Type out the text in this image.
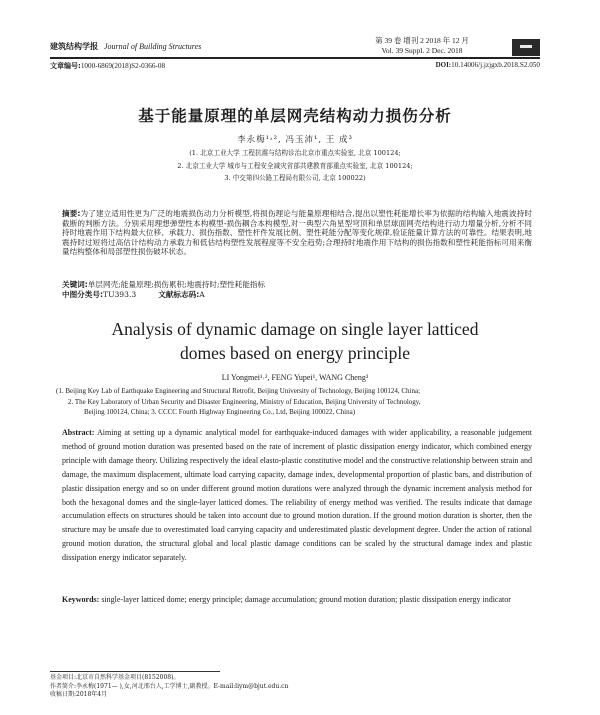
建筑结构学报 Journal of Building Structures
第 39 卷 增刊 2 2018 年 12 月
Vol. 39 Suppl. 2 Dec. 2018
文章编号:1000-6869(2018)S2-0366-08	DOI:10.14006/j.jzjgxb.2018.S2.050
基于能量原理的单层网壳结构动力损伤分析
李永梅¹˒², 冯玉沛¹, 王 成³
(1. 北京工业大学 工程抗震与结构诊治北京市重点实验室, 北京 100124;
2. 北京工业大学 城市与工程安全减灾省部共建教育部重点实验室, 北京 100124;
3. 中交第四公路工程局有限公司, 北京 100022)
摘要:为了建立适用性更为广泛的地震损伤动力分析模型,将损伤理论与能量原理相结合,提出以塑性耗能增长率为依据的结构输入地震波持时截断的判断方法。分别采用理想弹塑性本构模型-损伤耦合本构模型,对一典型六角星型穹顶和单层球面网壳结构进行动力增量分析,分析不同持时地震作用下结构最大位移、承载力、损伤指数、塑性杆件发展比例、塑性耗能分配等变化规律,验证能量计算方法的可靠性。结果表明,地震持时过短将过高估计结构动力承载力和低估结构塑性发展程度等不安全趋势;合理持时地震作用下结构的损伤指数和塑性耗能指标可用来衡量结构整体和局部塑性损伤破坏状态。
关键词:单层网壳;能量原理;损伤累积;地震持时;塑性耗能指标
中图分类号:TU393.3	文献标志码:A
Analysis of dynamic damage on single layer latticed
domes based on energy principle
LI Yongmei¹˒², FENG Yupei¹, WANG Cheng³
(1. Beijing Key Lab of Earthquake Engineering and Structural Retrofit, Beijing University of Technology, Beijing 100124, China;
2. The Key Laboratory of Urban Security and Disaster Engineering, Ministry of Education, Beijing University of Technology,
Beijing 100124, China; 3. CCCC Fourth Highway Engineering Co., Ltd, Beijing 100022, China)
Abstract: Aiming at setting up a dynamic analytical model for earthquake-induced damages with wider applicability, a reasonable judgement method of ground motion duration was presented based on the rate of increment of plastic dissipation energy indicator, which combined energy principle with damage theory. Utilizing respectively the ideal elasto-plastic constitutive model and the constructive relationship between strain and damage, the maximum displacement, ultimate load carrying capacity, damage index, developmental proportion of plastic bars, and distribution of plastic dissipation energy and so on under different ground motion durations were analyzed through the dynamic increment analysis method for both the hexagonal domes and the single-layer latticed domes. The reliability of energy method was verified. The results indicate that damage accumulation effects on structures should be taken into account due to ground motion duration. If the ground motion duration is shorter, then the structure may be unsafe due to overestimated load carrying capacity and underestimated plastic development degree. Under the action of rational ground motion duration, the structural global and local plastic damage conditions can be scaled by the structural damage index and plastic dissipation energy indicator separately.
Keywords: single-layer latticed dome; energy principle; damage accumulation; ground motion duration; plastic dissipation energy indicator
基金项目:北京市自然科学基金项目(8152008)。
作者简介:李永梅(1971— ),女,河北邢台人,工学博士,副教授。E-mail:liym@bjut.edu.cn
收稿日期:2018年4月
